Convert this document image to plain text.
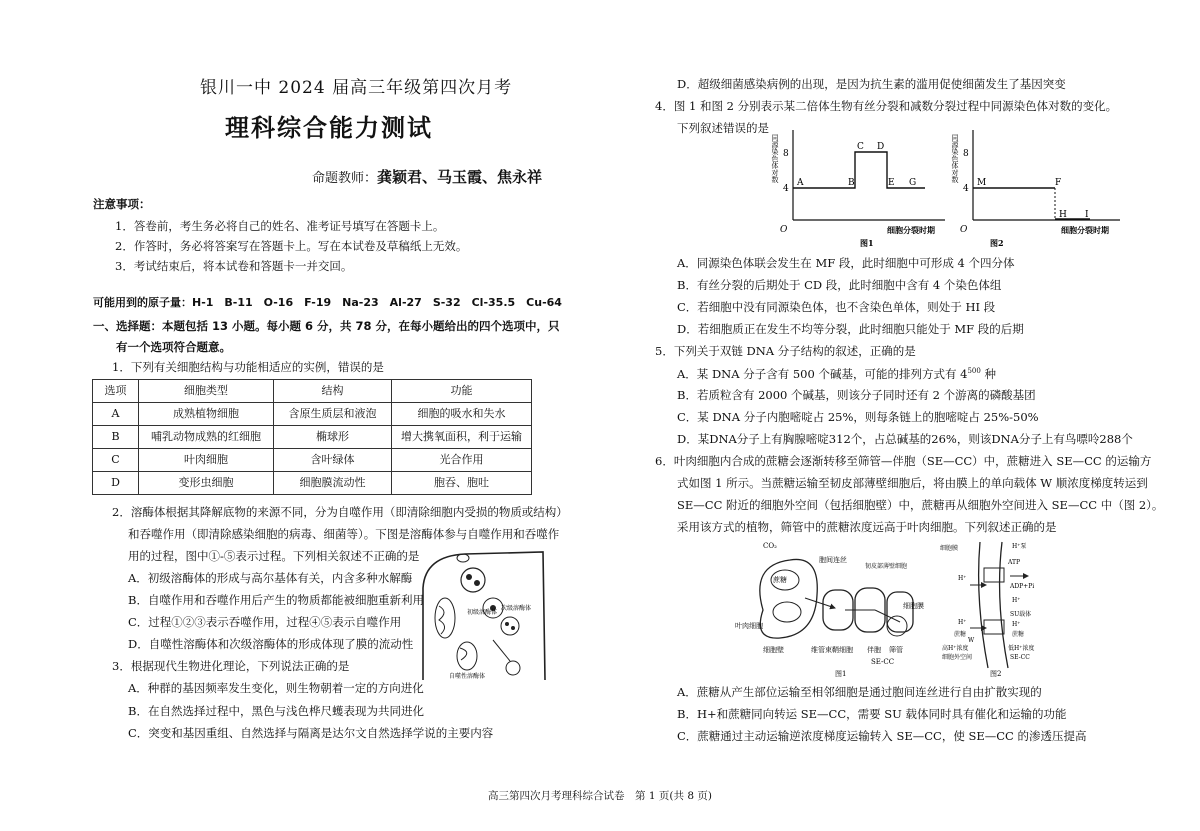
银川一中 2024 届高三年级第四次月考
理科综合能力测试
命题教师：龚颖君、马玉霞、焦永祥
注意事项：
1．答卷前，考生务必将自己的姓名、准考证号填写在答题卡上。
2．作答时，务必将答案写在答题卡上。写在本试卷及草稿纸上无效。
3．考试结束后，将本试卷和答题卡一并交回。
可能用到的原子量：H-1　B-11　O-16　F-19　Na-23　Al-27　S-32　Cl-35.5　Cu-64
一、选择题：本题包括 13 小题。每小题 6 分，共 78 分，在每小题给出的四个选项中，只
　　有一个选项符合题意。
1．下列有关细胞结构与功能相适应的实例，错误的是
选项	细胞类型	结构	功能
A	成熟植物细胞	含原生质层和液泡	细胞的吸水和失水
B	哺乳动物成熟的红细胞	椭球形	增大携氧面积，利于运输
C	叶肉细胞	含叶绿体	光合作用
D	变形虫细胞	细胞膜流动性	胞吞、胞吐
2．溶酶体根据其降解底物的来源不同，分为自噬作用（即清除细胞内受损的物质或结构）
和吞噬作用（即清除感染细胞的病毒、细菌等）。下图是溶酶体参与自噬作用和吞噬作
用的过程，图中①-⑤表示过程。下列相关叙述不正确的是
A．初级溶酶体的形成与高尔基体有关，内含多种水解酶
B．自噬作用和吞噬作用后产生的物质都能被细胞重新利用
C．过程①②③表示吞噬作用，过程④⑤表示自噬作用
D．自噬性溶酶体和次级溶酶体的形成体现了膜的流动性
初级溶酶体
次级溶酶体
自噬性溶酶体
3．根据现代生物进化理论，下列说法正确的是
A．种群的基因频率发生变化，则生物朝着一定的方向进化
B．在自然选择过程中，黑色与浅色桦尺蠖表现为共同进化
C．突变和基因重组、自然选择与隔离是达尔文自然选择学说的主要内容
D．超级细菌感染病例的出现，是因为抗生素的滥用促使细菌发生了基因突变
4．图 1 和图 2 分别表示某二倍体生物有丝分裂和减数分裂过程中同源染色体对数的变化。
下列叙述错误的是
同源染色体对数 8
4
A	B
C D
E G
O	细胞分裂时期
图1
同源染色体对数 8
4
M	F
H I
O	细胞分裂时期
图2
A．同源染色体联会发生在 MF 段，此时细胞中可形成 4 个四分体
B．有丝分裂的后期处于 CD 段，此时细胞中含有 4 个染色体组
C．若细胞中没有同源染色体，也不含染色单体，则处于 HI 段
D．若细胞质正在发生不均等分裂，此时细胞只能处于 MF 段的后期
5．下列关于双链 DNA 分子结构的叙述，正确的是
A．某 DNA 分子含有 500 个碱基，可能的排列方式有 $4^{500}$ 种
B．若质粒含有 2000 个碱基，则该分子同时还有 2 个游离的磷酸基团
C．某 DNA 分子内胞嘧啶占 25%，则每条链上的胞嘧啶占 25%-50%
D．某DNA分子上有胸腺嘧啶312个，占总碱基的26%，则该DNA分子上有鸟嘌呤288个
6．叶肉细胞内合成的蔗糖会逐渐转移至筛管—伴胞（SE—CC）中，蔗糖进入 SE—CC 的运输方
式如图 1 所示。当蔗糖运输至韧皮部薄壁细胞后，将由膜上的单向载体 W 顺浓度梯度转运到
SE—CC 附近的细胞外空间（包括细胞壁）中，蔗糖再从细胞外空间进入 SE—CC 中（图 2）。
采用该方式的植物，筛管中的蔗糖浓度远高于叶肉细胞。下列叙述正确的是
CO₂
蔗糖
胞间连丝
韧皮部薄壁细胞
叶肉细胞
细胞膜
细胞壁	维管束鞘细胞 伴胞 筛管
SE-CC
图1
细胞膜	H⁺泵
ATP
H⁺
ADP+Pi
H⁺
SU载体
H⁺
蔗糖
H⁺
蔗糖
W
高H⁺浓度
细胞外空间
低H⁺浓度
SE-CC
图2
A．蔗糖从产生部位运输至相邻细胞是通过胞间连丝进行自由扩散实现的
B．H+和蔗糖同向转运 SE—CC，需要 SU 载体同时具有催化和运输的功能
C．蔗糖通过主动运输逆浓度梯度运输转入 SE—CC，使 SE—CC 的渗透压提高
高三第四次月考理科综合试卷　第 1 页(共 8 页)
